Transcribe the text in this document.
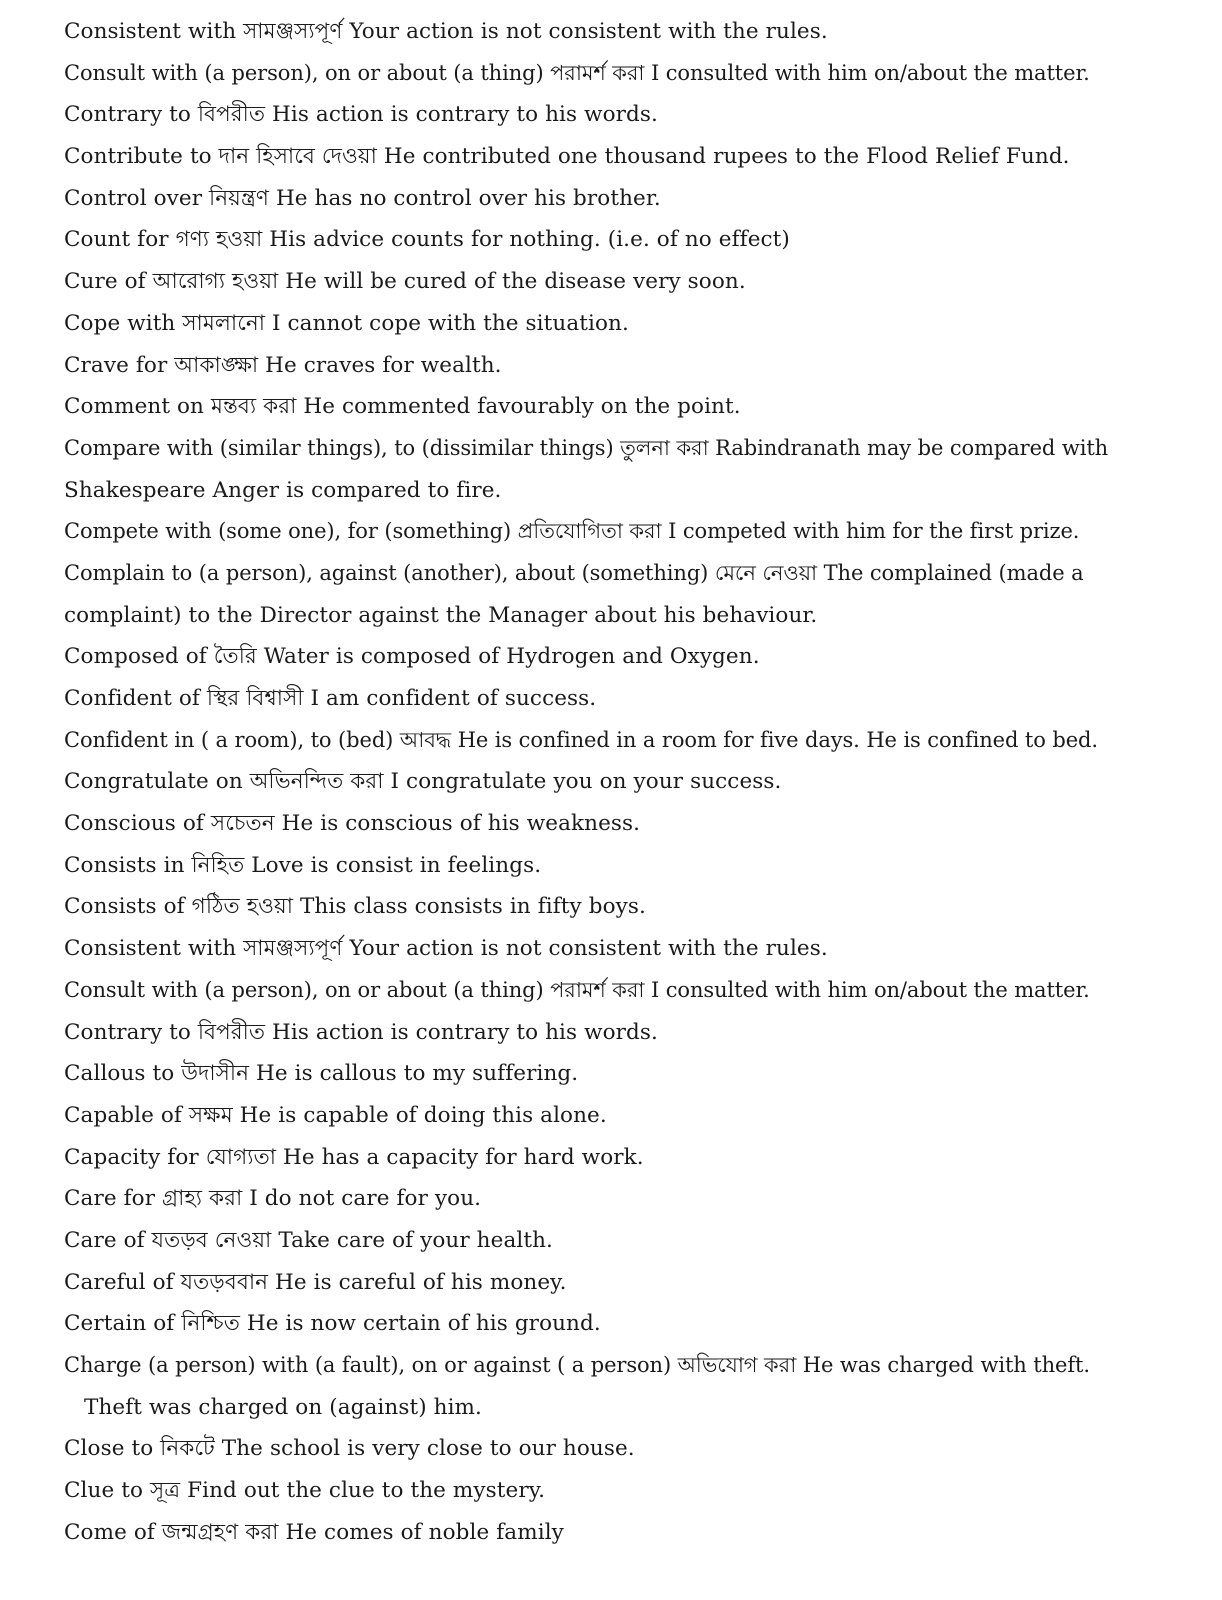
Consistent with সামঞ্জস্যপূর্ণ Your action is not consistent with the rules.
Consult with (a person), on or about (a thing) পরামর্শ করা I consulted with him on/about the matter.
Contrary to বিপরীত His action is contrary to his words.
Contribute to দান হিসাবে দেওয়া He contributed one thousand rupees to the Flood Relief Fund.
Control over নিয়ন্ত্রণ He has no control over his brother.
Count for গণ্য হওয়া His advice counts for nothing. (i.e. of no effect)
Cure of আরোগ্য হওয়া He will be cured of the disease very soon.
Cope with সামলানো I cannot cope with the situation.
Crave for আকাঙ্ক্ষা He craves for wealth.
Comment on মন্তব্য করা He commented favourably on the point.
Compare with (similar things), to (dissimilar things) তুলনা করা Rabindranath may be compared with
Shakespeare Anger is compared to fire.
Compete with (some one), for (something) প্রতিযোগিতা করা I competed with him for the first prize.
Complain to (a person), against (another), about (something) মেনে নেওয়া The complained (made a
complaint) to the Director against the Manager about his behaviour.
Composed of তৈরি Water is composed of Hydrogen and Oxygen.
Confident of স্থির বিশ্বাসী I am confident of success.
Confident in ( a room), to (bed) আবদ্ধ He is confined in a room for five days. He is confined to bed.
Congratulate on অভিনন্দিত করা I congratulate you on your success.
Conscious of সচেতন He is conscious of his weakness.
Consists in নিহিত Love is consist in feelings.
Consists of গঠিত হওয়া This class consists in fifty boys.
Consistent with সামঞ্জস্যপূর্ণ Your action is not consistent with the rules.
Consult with (a person), on or about (a thing) পরামর্শ করা I consulted with him on/about the matter.
Contrary to বিপরীত His action is contrary to his words.
Callous to উদাসীন He is callous to my suffering.
Capable of সক্ষম He is capable of doing this alone.
Capacity for যোগ্যতা He has a capacity for hard work.
Care for গ্রাহ্য করা I do not care for you.
Care of যতড়ব নেওয়া Take care of your health.
Careful of যতড়ববান He is careful of his money.
Certain of নিশ্চিত He is now certain of his ground.
Charge (a person) with (a fault), on or against ( a person) অভিযোগ করা He was charged with theft.
Theft was charged on (against) him.
Close to নিকটে The school is very close to our house.
Clue to সূত্র Find out the clue to the mystery.
Come of জন্মগ্রহণ করা He comes of noble family
